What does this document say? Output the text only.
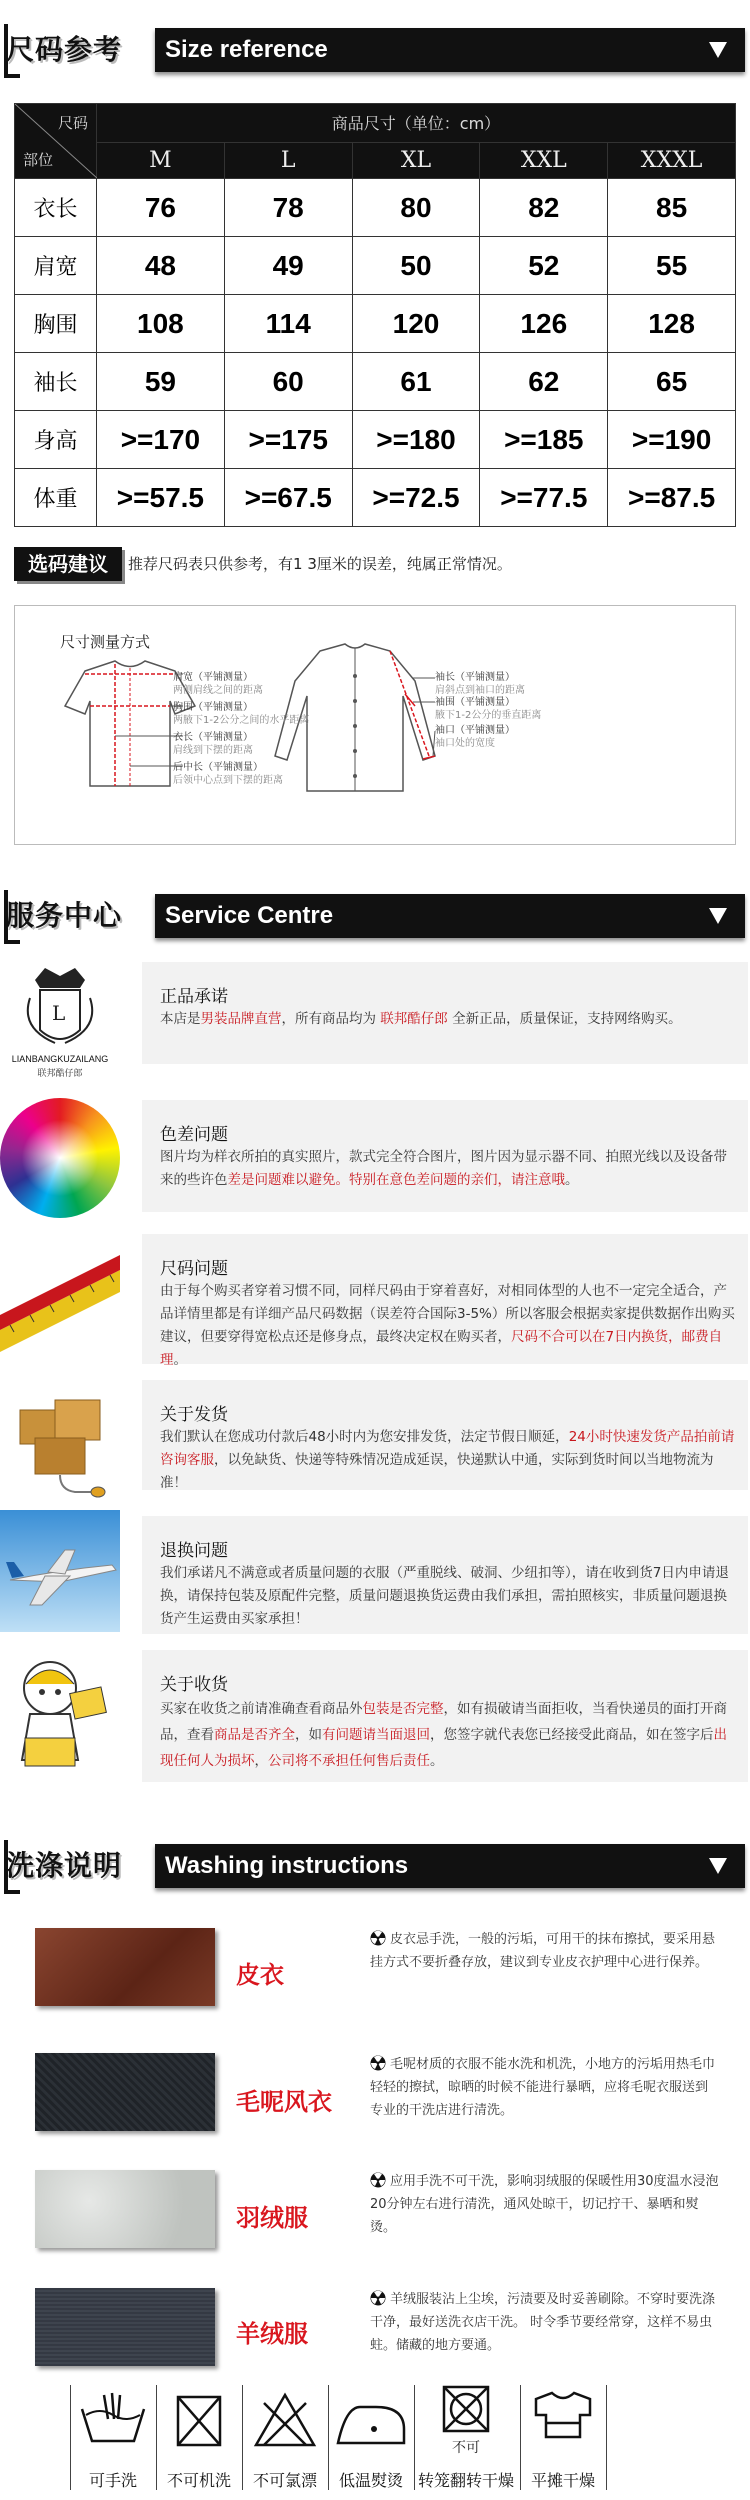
尺码参考 Size reference
尺码
部位	商品尺寸（单位：cm）				
	M	L	XL	XXL	XXXL
衣长	76	78	80	82	85
肩宽	48	49	50	52	55
胸围	108	114	120	126	128
袖长	59	60	61	62	65
身高	>=170	>=175	>=180	>=185	>=190
体重	>=57.5	>=67.5	>=72.5	>=77.5	>=87.5
选码建议	推荐尺码表只供参考，有1 3厘米的误差，纯属正常情况。
尺寸测量方式
肩宽（平铺测量）
两侧肩线之间的距离
胸围（平铺测量）
两腋下1-2公分之间的水平距离
衣长（平铺测量）
肩线到下摆的距离
后中长（平铺测量）
后领中心点到下摆的距离
袖长（平铺测量）
肩斜点到袖口的距离
袖围（平铺测量）
腋下1-2公分的垂直距离
袖口（平铺测量）
袖口处的宽度
服务中心 Service Centre
L
LIANBANGKUZAILANG
联邦酷仔郎
正品承诺
本店是男装品牌直营，所有商品均为 联邦酷仔郎 全新正品，质量保证，支持网络购买。
色差问题
图片均为样衣所拍的真实照片，款式完全符合图片，图片因为显示器不同、拍照光线以及设备带来的些许色差是问题难以避免。特别在意色差问题的亲们，请注意哦。
尺码问题
由于每个购买者穿着习惯不同，同样尺码由于穿着喜好，对相同体型的人也不一定完全适合，产品详情里都是有详细产品尺码数据（误差符合国际3-5%）所以客服会根据卖家提供数据作出购买建议，但要穿得宽松点还是修身点，最终决定权在购买者，尺码不合可以在7日内换货，邮费自理。
关于发货
我们默认在您成功付款后48小时内为您安排发货，法定节假日顺延，24小时快速发货产品拍前请咨询客服，以免缺货、快递等特殊情况造成延误，快递默认中通，实际到货时间以当地物流为准！
退换问题
我们承诺凡不满意或者质量问题的衣服（严重脱线、破洞、少纽扣等），请在收到货7日内申请退换，请保持包装及原配件完整，质量问题退换货运费由我们承担，需拍照核实，非质量问题退换货产生运费由买家承担！
关于收货
买家在收货之前请准确查看商品外包装是否完整，如有损破请当面拒收，当看快递员的面打开商品，查看商品是否齐全，如有问题请当面退回，您签字就代表您已经接受此商品，如在签字后出现任何人为损坏，公司将不承担任何售后责任。
洗涤说明 Washing instructions
皮衣
皮衣忌手洗，一般的污垢，可用干的抹布擦拭，要采用悬挂方式不要折叠存放，建议到专业皮衣护理中心进行保养。
毛呢风衣
毛呢材质的衣服不能水洗和机洗，小地方的污垢用热毛巾轻轻的擦拭，晾晒的时候不能进行暴晒，应将毛呢衣服送到专业的干洗店进行清洗。
羽绒服
应用手洗不可干洗，影响羽绒服的保暖性用30度温水浸泡20分钟左右进行清洗，通风处晾干，切记拧干、暴晒和熨烫。
羊绒服
羊绒服装沾上尘埃，污渍要及时妥善刷除。不穿时要洗涤干净，最好送洗衣店干洗。 时令季节要经常穿，这样不易虫蛀。储藏的地方要通。
可手洗	不可机洗	不可氯漂	低温熨烫
不可
转笼翻转干燥	平摊干燥
